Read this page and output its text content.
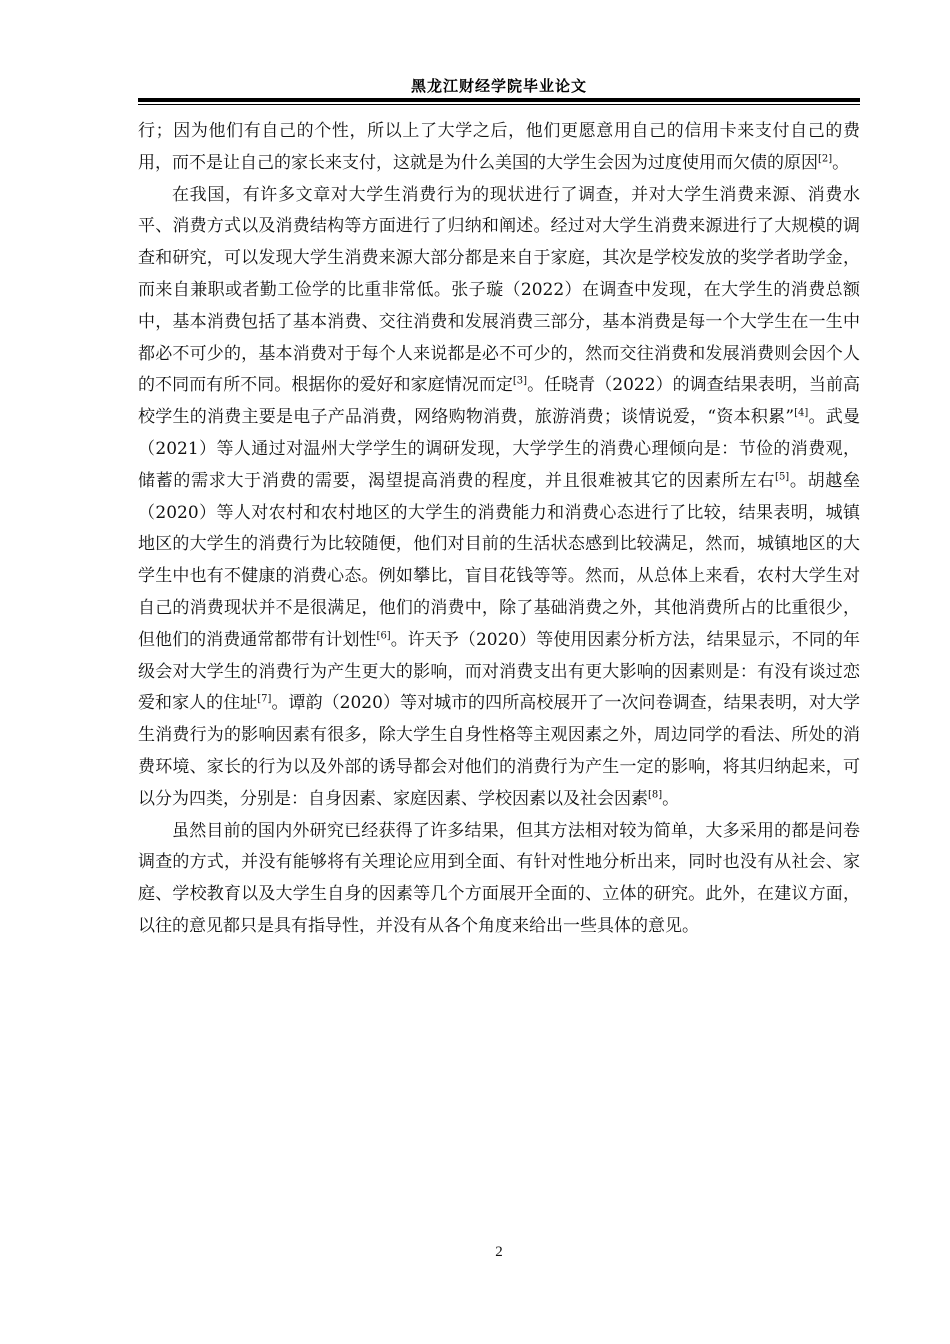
黑龙江财经学院毕业论文

行；因为他们有自己的个性，所以上了大学之后，他们更愿意用自己的信用卡来支付自己的费用，而不是让自己的家长来支付，这就是为什么美国的大学生会因为过度使用而欠债的原因[2]。

在我国，有许多文章对大学生消费行为的现状进行了调查，并对大学生消费来源、消费水平、消费方式以及消费结构等方面进行了归纳和阐述。经过对大学生消费来源进行了大规模的调查和研究，可以发现大学生消费来源大部分都是来自于家庭，其次是学校发放的奖学者助学金，而来自兼职或者勤工俭学的比重非常低。张子璇（2022）在调查中发现，在大学生的消费总额中，基本消费包括了基本消费、交往消费和发展消费三部分，基本消费是每一个大学生在一生中都必不可少的，基本消费对于每个人来说都是必不可少的，然而交往消费和发展消费则会因个人的不同而有所不同。根据你的爱好和家庭情况而定[3]。任晓青（2022）的调查结果表明，当前高校学生的消费主要是电子产品消费，网络购物消费，旅游消费；谈情说爱，“资本积累”[4]。武曼（2021）等人通过对温州大学学生的调研发现，大学学生的消费心理倾向是：节俭的消费观，储蓄的需求大于消费的需要，渴望提高消费的程度，并且很难被其它的因素所左右[5]。胡越垒（2020）等人对农村和农村地区的大学生的消费能力和消费心态进行了比较，结果表明，城镇地区的大学生的消费行为比较随便，他们对目前的生活状态感到比较满足，然而，城镇地区的大学生中也有不健康的消费心态。例如攀比，盲目花钱等等。然而，从总体上来看，农村大学生对自己的消费现状并不是很满足，他们的消费中，除了基础消费之外，其他消费所占的比重很少，但他们的消费通常都带有计划性[6]。许天予（2020）等使用因素分析方法，结果显示，不同的年级会对大学生的消费行为产生更大的影响，而对消费支出有更大影响的因素则是：有没有谈过恋爱和家人的住址[7]。谭韵（2020）等对城市的四所高校展开了一次问卷调查，结果表明，对大学生消费行为的影响因素有很多，除大学生自身性格等主观因素之外，周边同学的看法、所处的消费环境、家长的行为以及外部的诱导都会对他们的消费行为产生一定的影响，将其归纳起来，可以分为四类，分别是：自身因素、家庭因素、学校因素以及社会因素[8]。

虽然目前的国内外研究已经获得了许多结果，但其方法相对较为简单，大多采用的都是问卷调查的方式，并没有能够将有关理论应用到全面、有针对性地分析出来，同时也没有从社会、家庭、学校教育以及大学生自身的因素等几个方面展开全面的、立体的研究。此外，在建议方面，以往的意见都只是具有指导性，并没有从各个角度来给出一些具体的意见。

2
